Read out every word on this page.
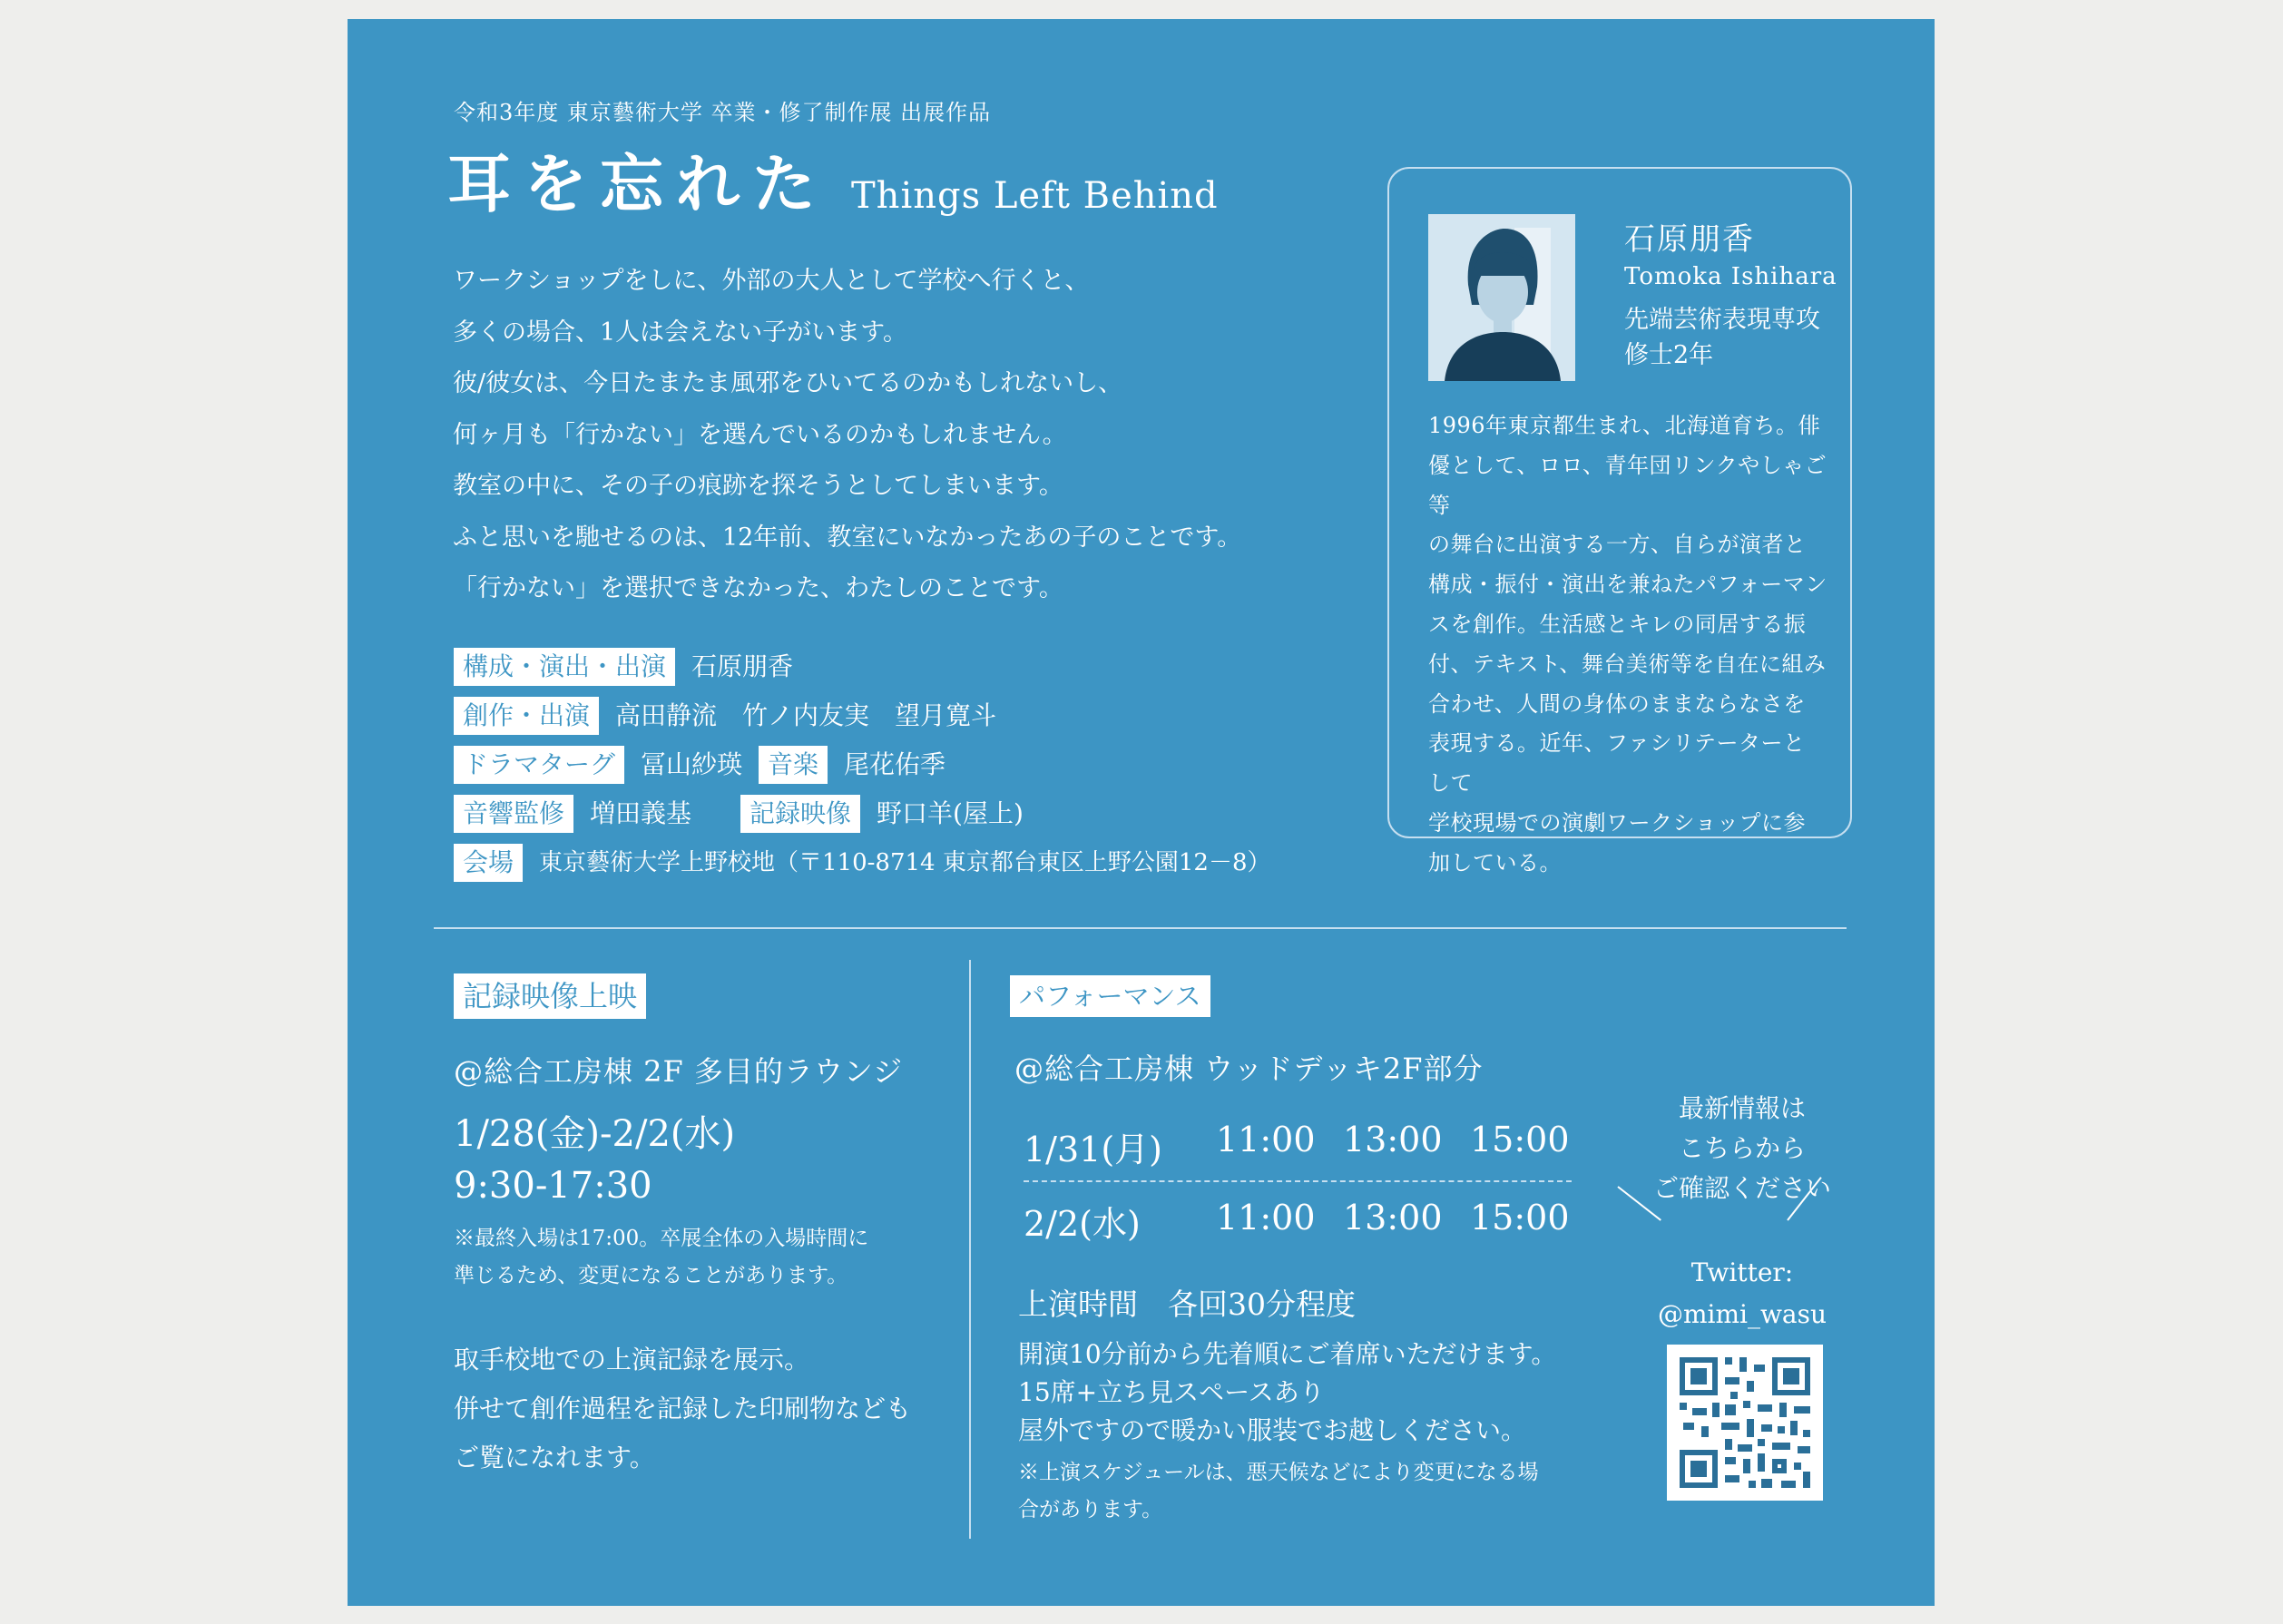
令和3年度 東京藝術大学 卒業・修了制作展 出展作品
耳を忘れた Things Left Behind
ワークショップをしに、外部の大人として学校へ行くと、
多くの場合、1人は会えない子がいます。
彼/彼女は、今日たまたま風邪をひいてるのかもしれないし、
何ヶ月も「行かない」を選んでいるのかもしれません。
教室の中に、その子の痕跡を探そうとしてしまいます。
ふと思いを馳せるのは、12年前、教室にいなかったあの子のことです。
「行かない」を選択できなかった、わたしのことです。
構成・演出・出演 石原朋香
創作・出演 高田静流　竹ノ内友実　望月寛斗
ドラマターグ 冨山紗瑛 音楽 尾花佑季
音響監修 増田義基 記録映像 野口羊(屋上)
会場 東京藝術大学上野校地（〒110-8714 東京都台東区上野公園12－8）
石原朋香
Tomoka Ishihara
先端芸術表現専攻
修士2年
1996年東京都生まれ、北海道育ち。俳
優として、ロロ、青年団リンクやしゃご等
の舞台に出演する一方、自らが演者と
構成・振付・演出を兼ねたパフォーマン
スを創作。生活感とキレの同居する振
付、テキスト、舞台美術等を自在に組み
合わせ、人間の身体のままならなさを
表現する。近年、ファシリテーターとして
学校現場での演劇ワークショップに参
加している。
記録映像上映
@総合工房棟 2F 多目的ラウンジ
1/28(金)-2/2(水)
9:30-17:30
※最終入場は17:00。卒展全体の入場時間に
準じるため、変更になることがあります。
取手校地での上演記録を展示。
併せて創作過程を記録した印刷物なども
ご覧になれます。
パフォーマンス
@総合工房棟 ウッドデッキ2F部分
1/31(月) 11:00 13:00 15:00
2/2(水) 11:00 13:00 15:00
上演時間　各回30分程度
開演10分前から先着順にご着席いただけます。
15席+立ち見スペースあり
屋外ですので暖かい服装でお越しください。
※上演スケジュールは、悪天候などにより変更になる場
合があります。
最新情報は
こちらから
ご確認ください
Twitter:
@mimi_wasu
